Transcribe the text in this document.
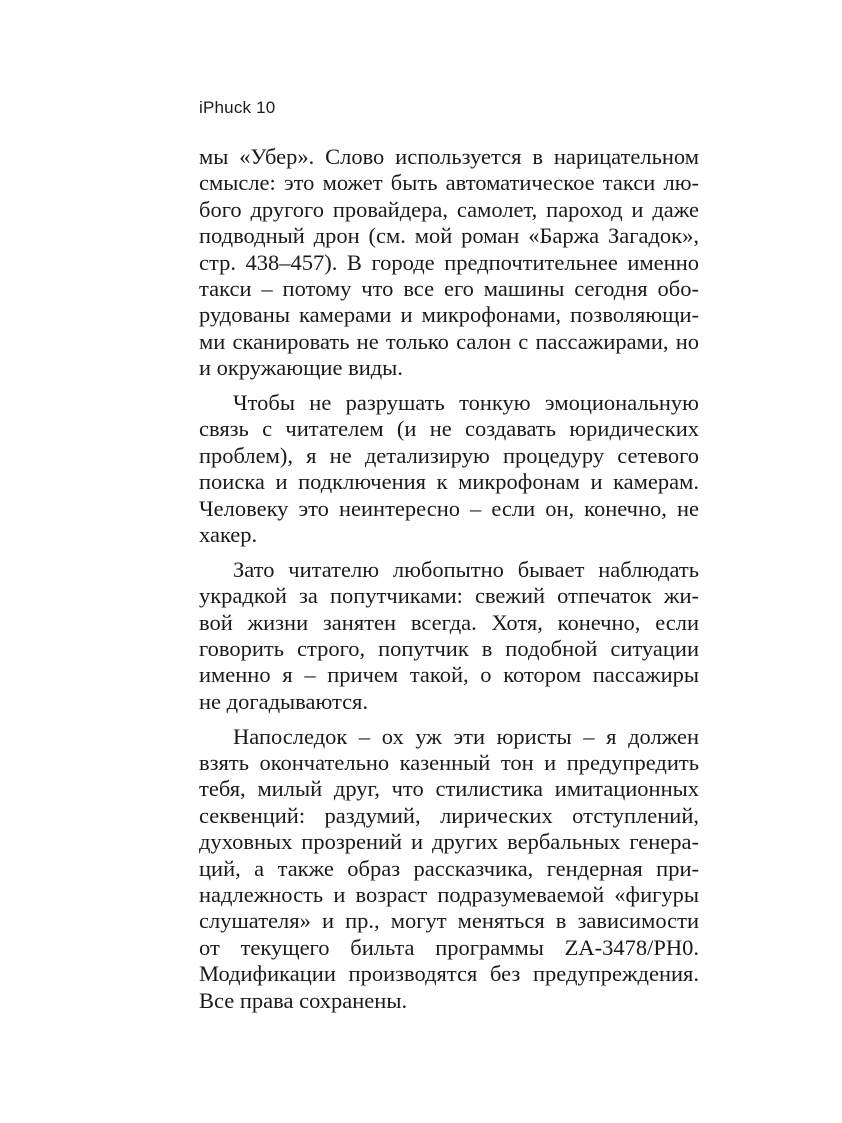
iPhuck 10
мы «Убер». Слово используется в нарицательном
смысле: это может быть автоматическое такси лю-
бого другого провайдера, самолет, пароход и даже
подводный дрон (см. мой роман «Баржа Загадок»,
стр. 438–457). В городе предпочтительнее именно
такси – потому что все его машины сегодня обо-
рудованы камерами и микрофонами, позволяющи-
ми сканировать не только салон с пассажирами, но
и окружающие виды.
Чтобы не разрушать тонкую эмоциональную
связь с читателем (и не создавать юридических
проблем), я не детализирую процедуру сетевого
поиска и подключения к микрофонам и камерам.
Человеку это неинтересно – если он, конечно, не
хакер.
Зато читателю любопытно бывает наблюдать
украдкой за попутчиками: свежий отпечаток жи-
вой жизни занятен всегда. Хотя, конечно, если
говорить строго, попутчик в подобной ситуации
именно я – причем такой, о котором пассажиры
не догадываются.
Напоследок – ох уж эти юристы – я должен
взять окончательно казенный тон и предупредить
тебя, милый друг, что стилистика имитационных
секвенций: раздумий, лирических отступлений,
духовных прозрений и других вербальных генера-
ций, а также образ рассказчика, гендерная при-
надлежность и возраст подразумеваемой «фигуры
слушателя» и пр., могут меняться в зависимости
от текущего бильта программы ZA-3478/PH0.
Модификации производятся без предупреждения.
Все права сохранены.
